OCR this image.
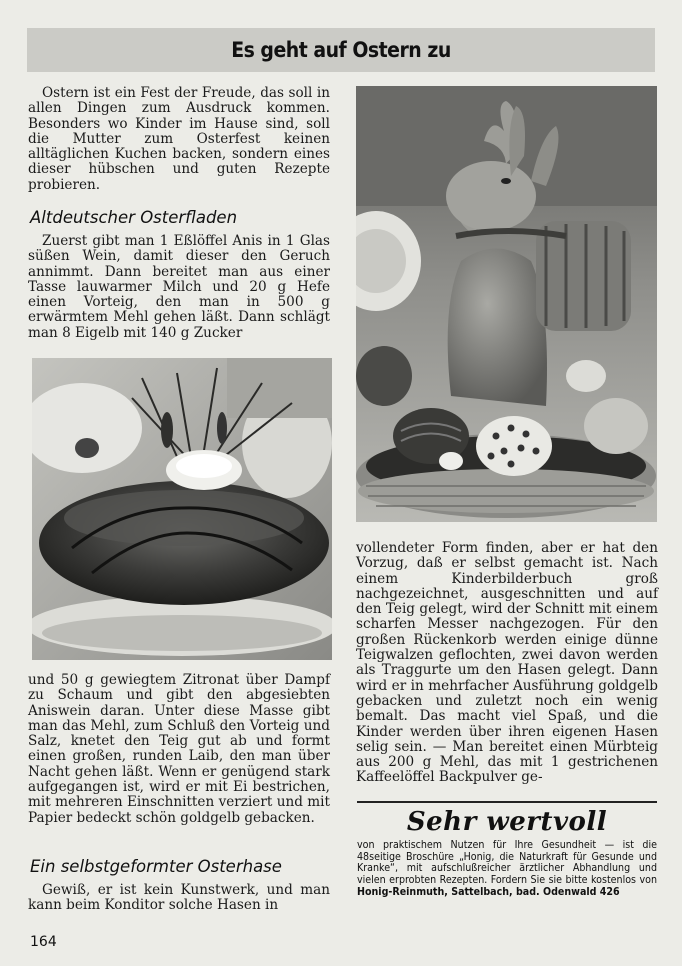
Es geht auf Ostern zu

Ostern ist ein Fest der Freude, das soll in allen Dingen zum Ausdruck kommen. Besonders wo Kinder im Hause sind, soll die Mutter zum Osterfest keinen alltäglichen Kuchen backen, sondern eines dieser hübschen und guten Rezepte probieren.

Altdeutscher Osterfladen

Zuerst gibt man 1 Eßlöffel Anis in 1 Glas süßen Wein, damit dieser den Geruch annimmt. Dann bereitet man aus einer Tasse lauwarmer Milch und 20 g Hefe einen Vorteig, den man in 500 g erwärmtem Mehl gehen läßt. Dann schlägt man 8 Eigelb mit 140 g Zucker

und 50 g gewiegtem Zitronat über Dampf zu Schaum und gibt den abgesiebten Aniswein daran. Unter diese Masse gibt man das Mehl, zum Schluß den Vorteig und Salz, knetet den Teig gut ab und formt einen großen, runden Laib, den man über Nacht gehen läßt. Wenn er genügend stark aufgegangen ist, wird er mit Ei bestrichen, mit mehreren Einschnitten verziert und mit Papier bedeckt schön goldgelb gebacken.

Ein selbstgeformter Osterhase

Gewiß, er ist kein Kunstwerk, und man kann beim Konditor solche Hasen in

vollendeter Form finden, aber er hat den Vorzug, daß er selbst gemacht ist. Nach einem Kinderbilderbuch groß nachgezeichnet, ausgeschnitten und auf den Teig gelegt, wird der Schnitt mit einem scharfen Messer nachgezogen. Für den großen Rückenkorb werden einige dünne Teigwalzen geflochten, zwei davon werden als Traggurte um den Hasen gelegt. Dann wird er in mehrfacher Ausführung goldgelb gebacken und zuletzt noch ein wenig bemalt. Das macht viel Spaß, und die Kinder werden über ihren eigenen Hasen selig sein. — Man bereitet einen Mürbteig aus 200 g Mehl, das mit 1 gestrichenen Kaffeelöffel Backpulver ge-

Sehr wertvoll
von praktischem Nutzen für Ihre Gesundheit — ist die 48seitige Broschüre „Honig, die Naturkraft für Gesunde und Kranke“, mit aufschlußreicher ärztlicher Abhandlung und vielen erprobten Rezepten. Fordern Sie sie bitte kostenlos von Honig-Reinmuth, Sattelbach, bad. Odenwald 426
164
